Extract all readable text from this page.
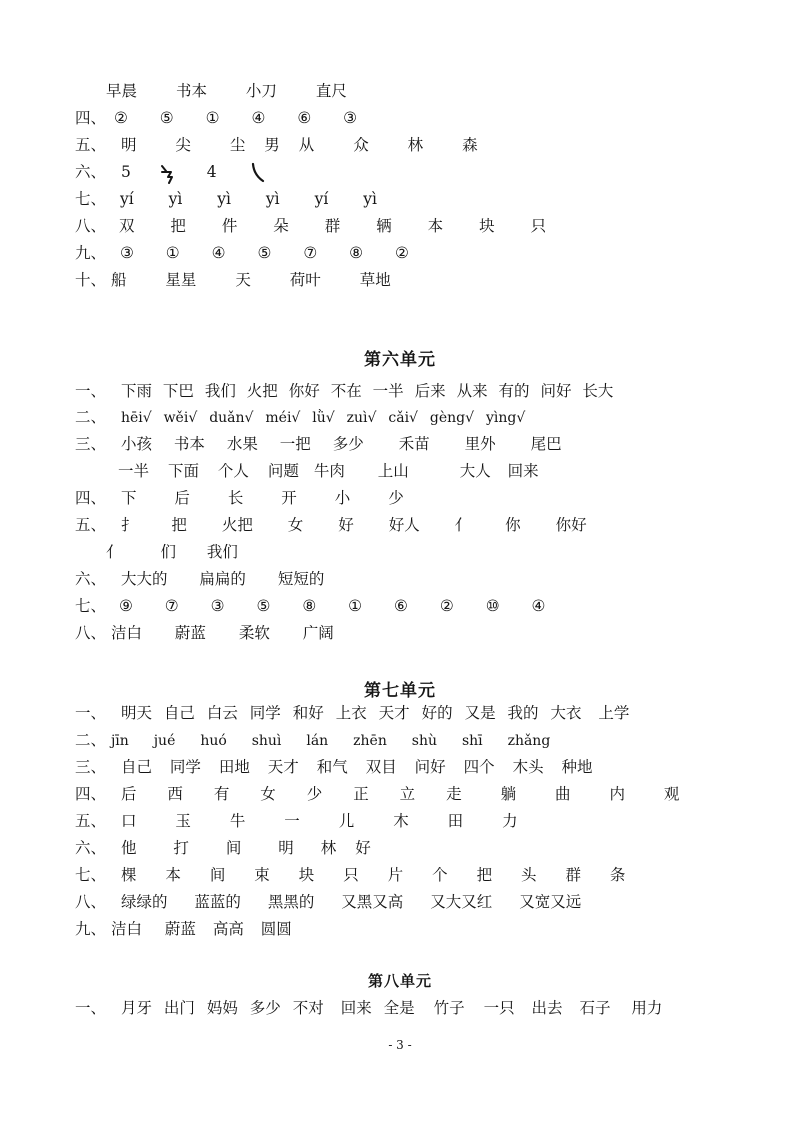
早晨	书本	小刀	直尺
四、 ② ⑤ ① ④ ⑥ ③
五、 明	尖	尘 男 从	众	林	森
六、 5	4
七、 yí yì yì yì yí yì
八、 双 把 件 朵 群 辆 本 块 只
九、 ③ ① ④ ⑤ ⑦ ⑧ ②
十、 船	星星	天	荷叶	草地
第六单元
一、 下雨 下巴 我们 火把 你好 不在 一半 后来 从来 有的 问好 长大
二、 hēi√ wěi√ duǎn√ méi√ lǜ√ zuì√ cǎi√ gèng√ yìng√
三、 小孩 书本 水果 一把 多少 禾苗 里外 尾巴
一半 下面 个人 问题 牛肉 上山	大人 回来
四、 下 后 长 开 小 少
五、 扌 把 火把 女 好 好人 亻 你 你好
亻	们 我们
六、 大大的 扁扁的 短短的
七、 ⑨ ⑦ ③ ⑤ ⑧ ① ⑥ ② ⑩ ④
八、 洁白 蔚蓝 柔软 广阔
第七单元
一、 明天 自己 白云 同学 和好 上衣 天才 好的 又是 我的 大衣 上学
二、 jīn jué huó shuì lán zhēn shù shī zhǎng
三、 自己 同学 田地 天才 和气 双目 问好 四个 木头 种地
四、 后 西 有 女 少 正 立 走	躺	曲	内	观
五、 口	玉	牛	一	儿	木	田	力
六、 他 打 间 明 林 好
七、 棵 本 间 束 块 只 片 个 把 头 群 条
八、 绿绿的 蓝蓝的 黑黑的 又黑又高 又大又红 又宽又远
九、 洁白 蔚蓝 高高 圆圆
第八单元
一、 月牙 出门 妈妈 多少 不对 回来 全是 竹子 一只 出去 石子 用力
- 3 -
